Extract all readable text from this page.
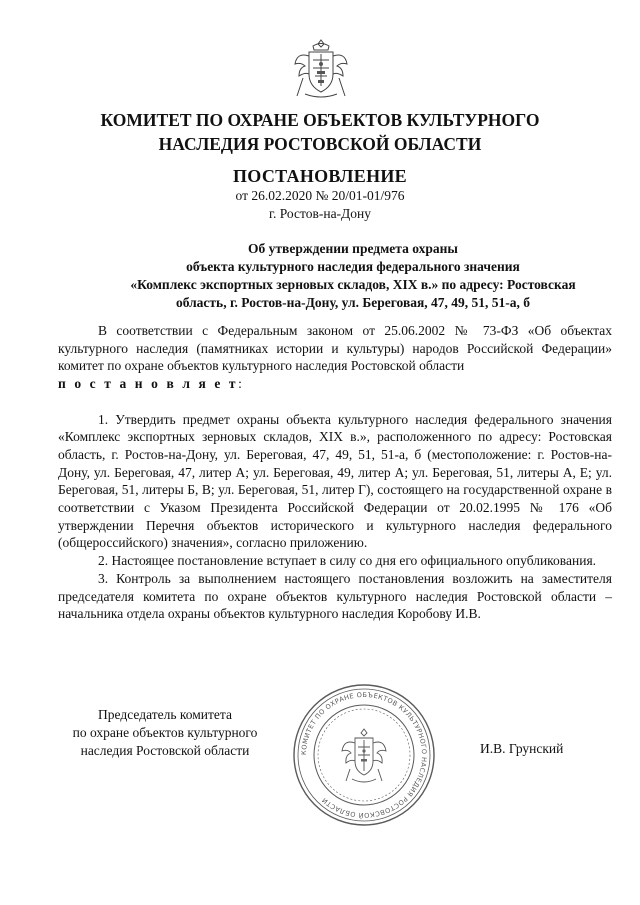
КОМИТЕТ ПО ОХРАНЕ ОБЪЕКТОВ КУЛЬТУРНОГО
НАСЛЕДИЯ РОСТОВСКОЙ ОБЛАСТИ
ПОСТАНОВЛЕНИЕ
от 26.02.2020 № 20/01-01/976
г. Ростов-на-Дону
Об утверждении предмета охраны
объекта культурного наследия федерального значения
«Комплекс экспортных зерновых складов, XIX в.» по адресу: Ростовская
область, г. Ростов-на-Дону, ул. Береговая, 47, 49, 51, 51-а, б

В соответствии с Федеральным законом от 25.06.2002 № 73-ФЗ «Об объектах культурного наследия (памятниках истории и культуры) народов Российской Федерации» комитет по охране объектов культурного наследия Ростовской области
п о с т а н о в л я е т:

1. Утвердить предмет охраны объекта культурного наследия федерального значения «Комплекс экспортных зерновых складов, XIX в.», расположенного по адресу: Ростовская область, г. Ростов-на-Дону, ул. Береговая, 47, 49, 51, 51-а, б (местоположение: г. Ростов-на-Дону, ул. Береговая, 47, литер А; ул. Береговая, 49, литер А; ул. Береговая, 51, литеры А, Е; ул. Береговая, 51, литеры Б, В; ул. Береговая, 51, литер Г), состоящего на государственной охране в соответствии с Указом Президента Российской Федерации от 20.02.1995 № 176 «Об утверждении Перечня объектов исторического и культурного наследия федерального (общероссийского) значения», согласно приложению.

2. Настоящее постановление вступает в силу со дня его официального опубликования.

3. Контроль за выполнением настоящего постановления возложить на заместителя председателя комитета по охране объектов культурного наследия Ростовской области – начальника отдела охраны объектов культурного наследия Коробову И.В.

Председатель комитета
по охране объектов культурного
наследия Ростовской области	КОМИТЕТ ПО ОХРАНЕ ОБЪЕКТОВ КУЛЬТУРНОГО НАСЛЕДИЯ РОСТОВСКОЙ ОБЛАСТИ
И.В. Грунский
